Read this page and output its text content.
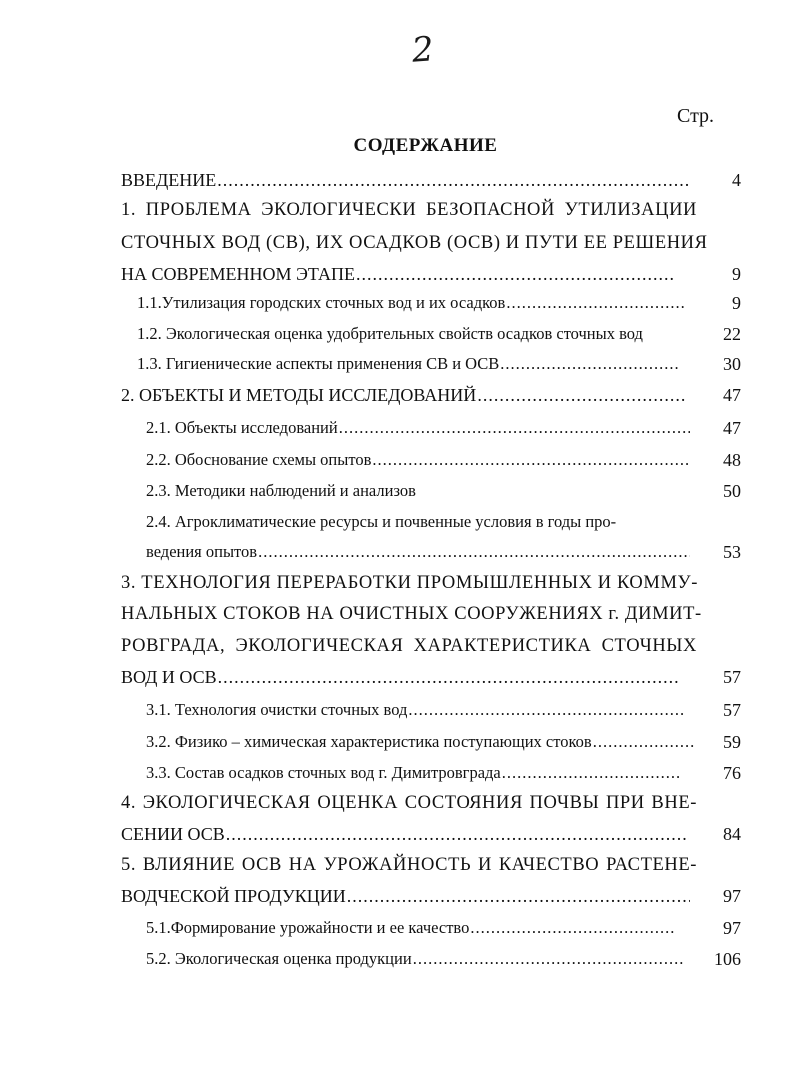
2
Стр.
СОДЕРЖАНИЕ
ВВЕДЕНИЕ .....	4
1. ПРОБЛЕМА ЭКОЛОГИЧЕСКИ БЕЗОПАСНОЙ УТИЛИЗАЦИИ
СТОЧНЫХ ВОД (СВ), ИХ ОСАДКОВ (ОСВ) И ПУТИ ЕЕ РЕШЕНИЯ
НА СОВРЕМЕННОМ ЭТАПЕ .....	9
1.1.Утилизация городских сточных вод и их осадков .....	9
1.2. Экологическая оценка удобрительных свойств осадков сточных вод	22
1.3. Гигиенические аспекты применения СВ и ОСВ .....	30
2. ОБЪЕКТЫ И МЕТОДЫ ИССЛЕДОВАНИЙ .....	47
2.1. Объекты исследований .....	47
2.2. Обоснование схемы опытов .....	48
2.3. Методики наблюдений и анализов	50
2.4. Агроклиматические ресурсы и почвенные условия в годы про-
ведения опытов .....	53
3. ТЕХНОЛОГИЯ ПЕРЕРАБОТКИ ПРОМЫШЛЕННЫХ И КОММУ-
НАЛЬНЫХ СТОКОВ НА ОЧИСТНЫХ СООРУЖЕНИЯХ г. ДИМИТ-
РОВГРАДА, ЭКОЛОГИЧЕСКАЯ ХАРАКТЕРИСТИКА СТОЧНЫХ
ВОД И ОСВ .....	57
3.1. Технология очистки сточных вод .....	57
3.2. Физико – химическая характеристика поступающих стоков .....	59
3.3. Состав осадков сточных вод г. Димитровграда .....	76
4. ЭКОЛОГИЧЕСКАЯ ОЦЕНКА СОСТОЯНИЯ ПОЧВЫ ПРИ ВНЕ-
СЕНИИ ОСВ .....	84
5. ВЛИЯНИЕ ОСВ НА УРОЖАЙНОСТЬ И КАЧЕСТВО РАСТЕНЕ-
ВОДЧЕСКОЙ ПРОДУКЦИИ .....	97
5.1.Формирование урожайности и ее качество .....	97
5.2. Экологическая оценка продукции .....	106
